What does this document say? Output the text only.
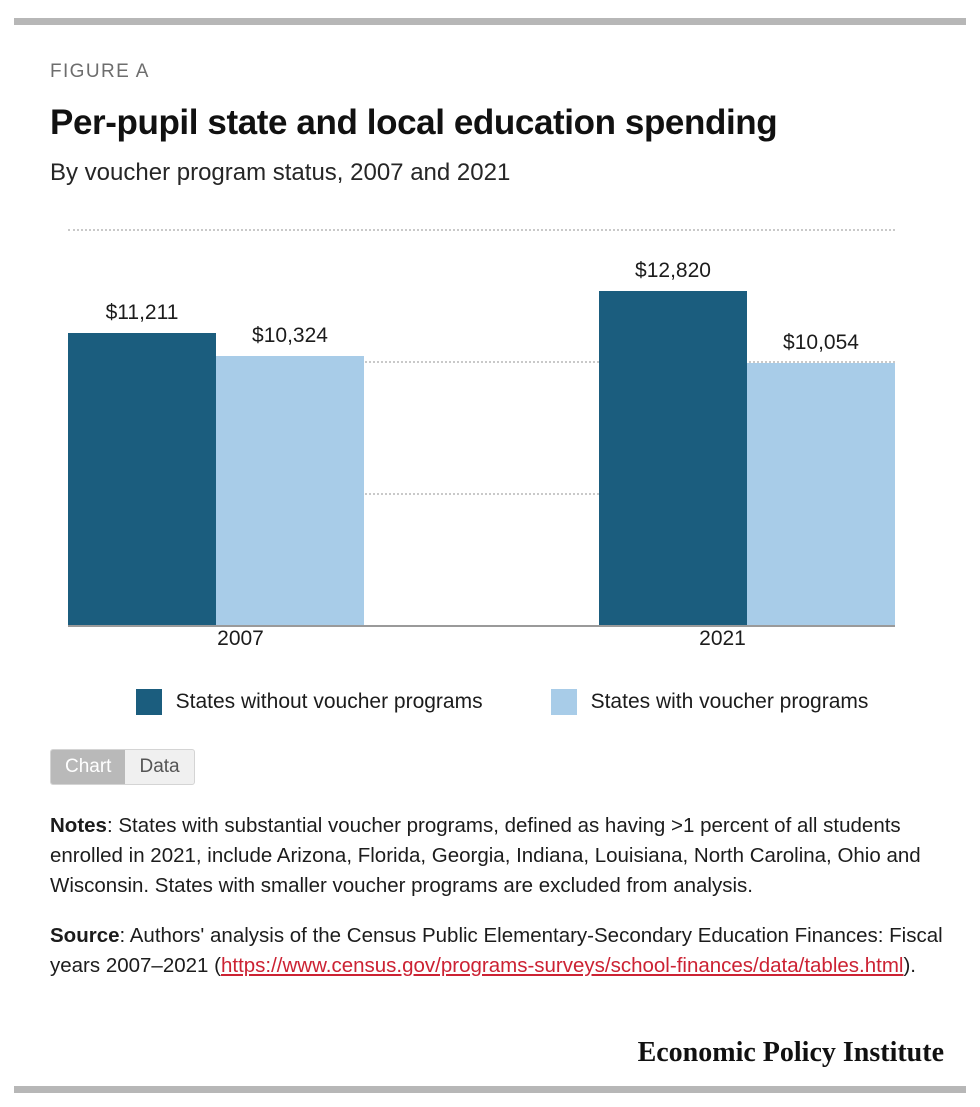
FIGURE A
Per-pupil state and local education spending
By voucher program status, 2007 and 2021
$11,211
$10,324
$12,820
$10,054
2007	2021
States without voucher programs	States with voucher programs
Chart	Data
Notes: States with substantial voucher programs, defined as having >1 percent of all students enrolled in 2021, include Arizona, Florida, Georgia, Indiana, Louisiana, North Carolina, Ohio and Wisconsin. States with smaller voucher programs are excluded from analysis.
Source: Authors' analysis of the Census Public Elementary-Secondary Education Finances: Fiscal years 2007–2021 (https://www.census.gov/programs-surveys/school-finances/data/tables.html).
Economic Policy Institute
